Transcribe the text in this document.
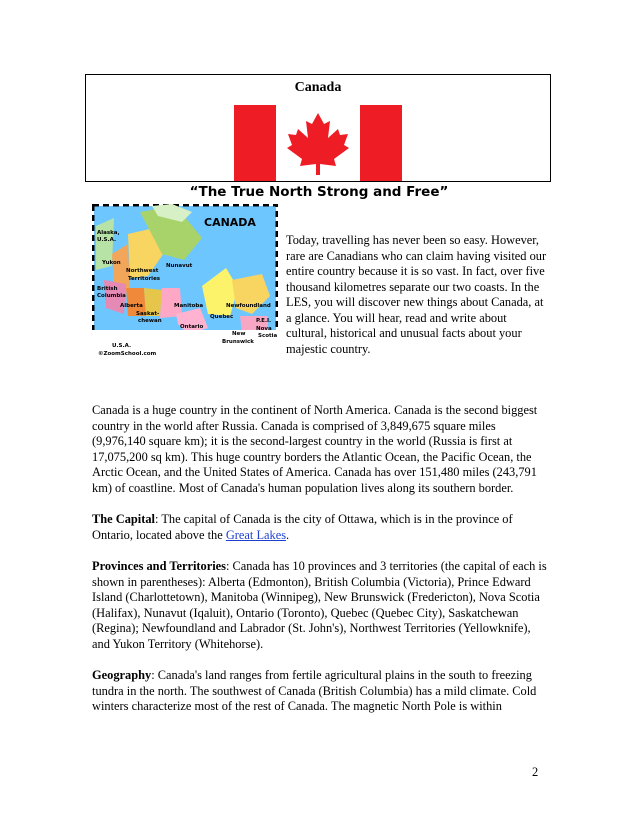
Canada
“The True North Strong and Free”
CANADA
Alaska,
U.S.A.
Yukon
Northwest
Territories
Nunavut
British
Columbia
Alberta
Saskat-
chewan
Manitoba
Ontario
Quebec
Newfoundland
P.E.I.
Nova
Scotia
New
Brunswick
U.S.A.
©ZoomSchool.com
Today, travelling has never been so easy. However, rare are Canadians who can claim having visited our entire country because it is so vast. In fact, over five thousand kilometres separate our two coasts. In the LES, you will discover new things about Canada, at a glance. You will hear, read and write about cultural, historical and unusual facts about your majestic country.

Canada is a huge country in the continent of North America. Canada is the second biggest country in the world after Russia. Canada is comprised of 3,849,675 square miles (9,976,140 square km); it is the second-largest country in the world (Russia is first at 17,075,200 sq km). This huge country borders the Atlantic Ocean, the Pacific Ocean, the Arctic Ocean, and the United States of America. Canada has over 151,480 miles (243,791 km) of coastline. Most of Canada's human population lives along its southern border.

The Capital: The capital of Canada is the city of Ottawa, which is in the province of Ontario, located above the Great Lakes.

Provinces and Territories: Canada has 10 provinces and 3 territories (the capital of each is shown in parentheses): Alberta (Edmonton), British Columbia (Victoria), Prince Edward Island (Charlottetown), Manitoba (Winnipeg), New Brunswick (Fredericton), Nova Scotia (Halifax), Nunavut (Iqaluit), Ontario (Toronto), Quebec (Quebec City), Saskatchewan (Regina); Newfoundland and Labrador (St. John's), Northwest Territories (Yellowknife), and Yukon Territory (Whitehorse).

Geography: Canada's land ranges from fertile agricultural plains in the south to freezing tundra in the north. The southwest of Canada (British Columbia) has a mild climate. Cold winters characterize most of the rest of Canada. The magnetic North Pole is within

2
